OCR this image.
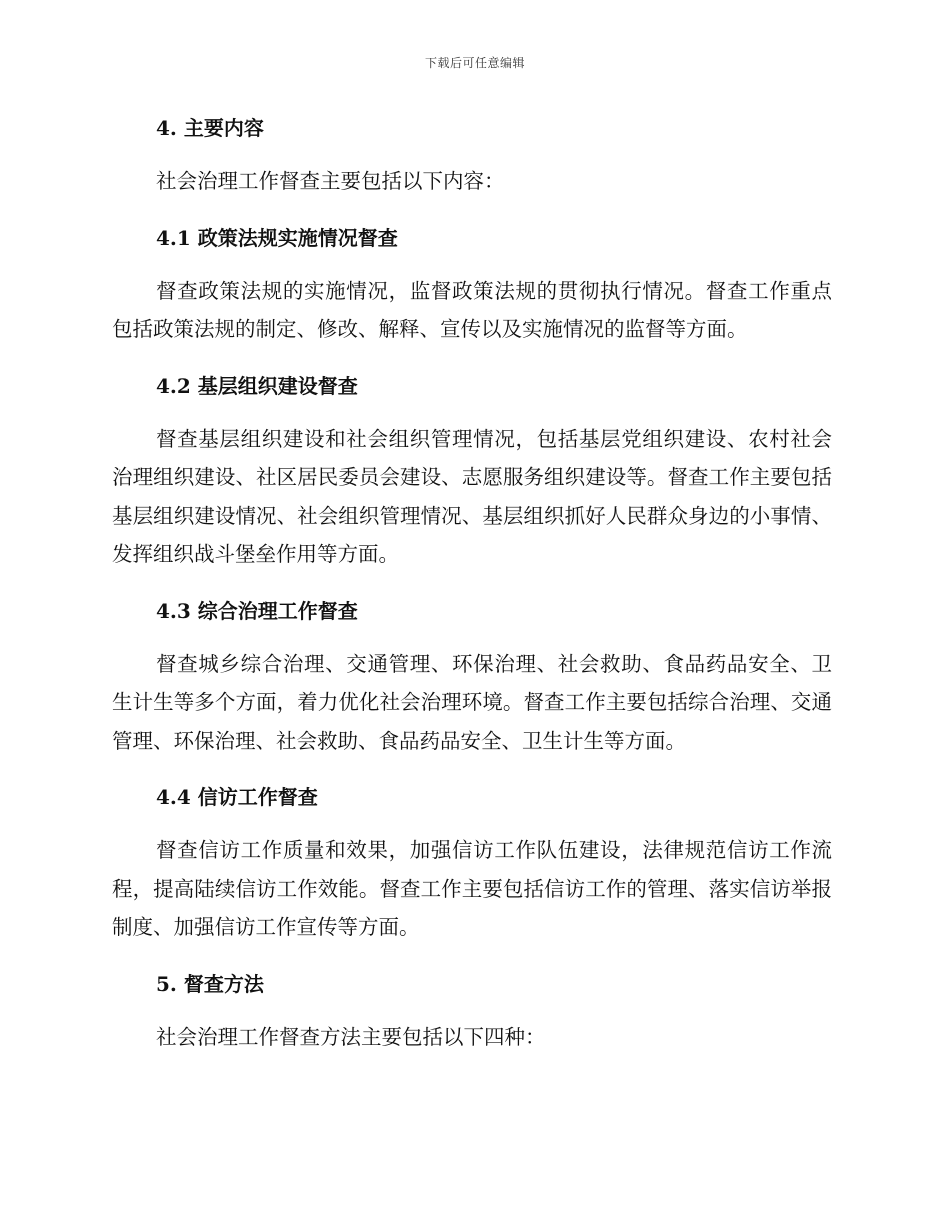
下载后可任意编辑
4. 主要内容
社会治理工作督查主要包括以下内容：
4.1 政策法规实施情况督查
督查政策法规的实施情况，监督政策法规的贯彻执行情况。督查工作重点包括政策法规的制定、修改、解释、宣传以及实施情况的监督等方面。
4.2 基层组织建设督查
督查基层组织建设和社会组织管理情况，包括基层党组织建设、农村社会治理组织建设、社区居民委员会建设、志愿服务组织建设等。督查工作主要包括基层组织建设情况、社会组织管理情况、基层组织抓好人民群众身边的小事情、发挥组织战斗堡垒作用等方面。
4.3 综合治理工作督查
督查城乡综合治理、交通管理、环保治理、社会救助、食品药品安全、卫生计生等多个方面，着力优化社会治理环境。督查工作主要包括综合治理、交通管理、环保治理、社会救助、食品药品安全、卫生计生等方面。
4.4 信访工作督查
督查信访工作质量和效果，加强信访工作队伍建设，法律规范信访工作流程，提高陆续信访工作效能。督查工作主要包括信访工作的管理、落实信访举报制度、加强信访工作宣传等方面。
5. 督查方法
社会治理工作督查方法主要包括以下四种：
